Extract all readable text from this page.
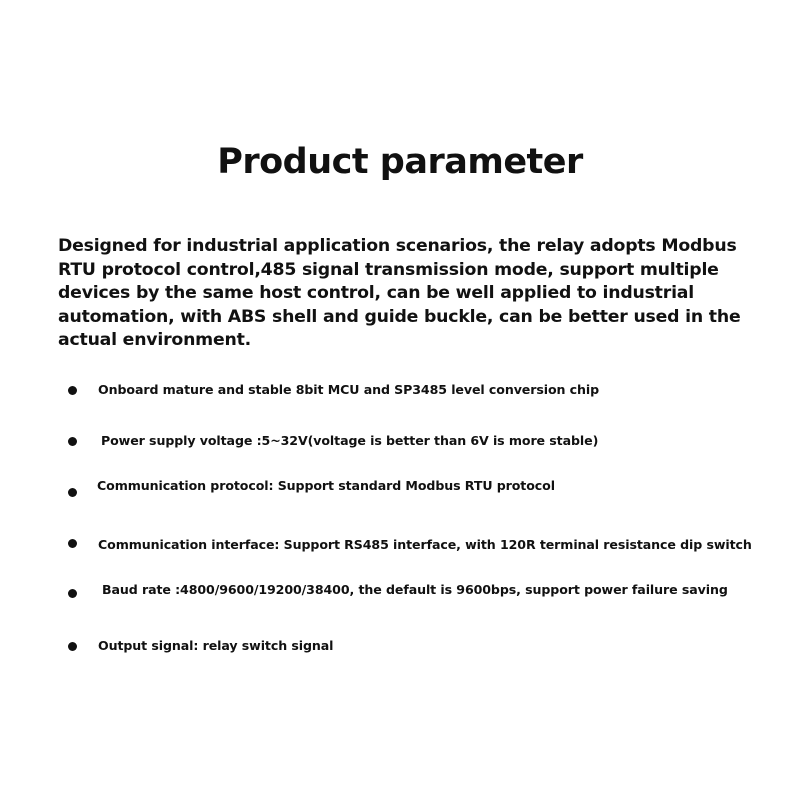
Product parameter

Designed for industrial application scenarios, the relay adopts Modbus
RTU protocol control,485 signal transmission mode, support multiple
devices by the same host control, can be well applied to industrial
automation, with ABS shell and guide buckle, can be better used in the
actual environment.

Onboard mature and stable 8bit MCU and SP3485 level conversion chip
Power supply voltage :5~32V(voltage is better than 6V is more stable)
Communication protocol: Support standard Modbus RTU protocol
Communication interface: Support RS485 interface, with 120R terminal resistance dip switch
Baud rate :4800/9600/19200/38400, the default is 9600bps, support power failure saving
Output signal: relay switch signal
